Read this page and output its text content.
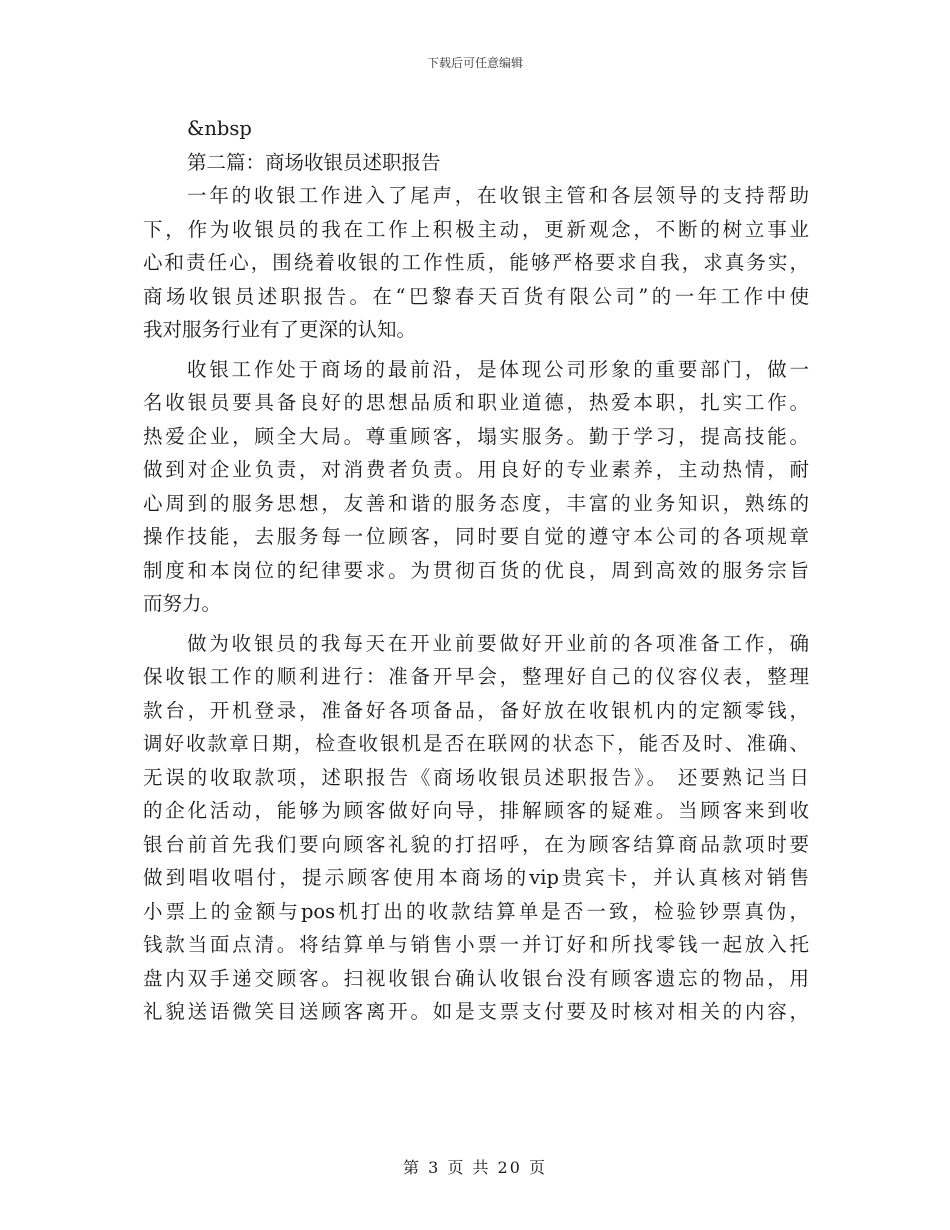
下载后可任意编辑
&nbsp
第二篇：商场收银员述职报告
一年的收银工作进入了尾声，在收银主管和各层领导的支持帮助
下，作为收银员的我在工作上积极主动，更新观念，不断的树立事业
心和责任心，围绕着收银的工作性质，能够严格要求自我，求真务实，
商场收银员述职报告。在“巴黎春天百货有限公司”的一年工作中使
我对服务行业有了更深的认知。
收银工作处于商场的最前沿，是体现公司形象的重要部门，做一
名收银员要具备良好的思想品质和职业道德，热爱本职，扎实工作。
热爱企业，顾全大局。尊重顾客，塌实服务。勤于学习，提高技能。
做到对企业负责，对消费者负责。用良好的专业素养，主动热情，耐
心周到的服务思想，友善和谐的服务态度，丰富的业务知识，熟练的
操作技能，去服务每一位顾客，同时要自觉的遵守本公司的各项规章
制度和本岗位的纪律要求。为贯彻百货的优良，周到高效的服务宗旨
而努力。
做为收银员的我每天在开业前要做好开业前的各项准备工作，确
保收银工作的顺利进行：准备开早会，整理好自己的仪容仪表，整理
款台，开机登录，准备好各项备品，备好放在收银机内的定额零钱，
调好收款章日期，检查收银机是否在联网的状态下，能否及时、准确、
无误的收取款项，述职报告《商场收银员述职报告》。 还要熟记当日
的企化活动，能够为顾客做好向导，排解顾客的疑难。当顾客来到收
银台前首先我们要向顾客礼貌的打招呼，在为顾客结算商品款项时要
做到唱收唱付，提示顾客使用本商场的vip贵宾卡，并认真核对销售
小票上的金额与pos机打出的收款结算单是否一致，检验钞票真伪，
钱款当面点清。将结算单与销售小票一并订好和所找零钱一起放入托
盘内双手递交顾客。扫视收银台确认收银台没有顾客遗忘的物品，用
礼貌送语微笑目送顾客离开。如是支票支付要及时核对相关的内容，
第 3 页 共 20 页
